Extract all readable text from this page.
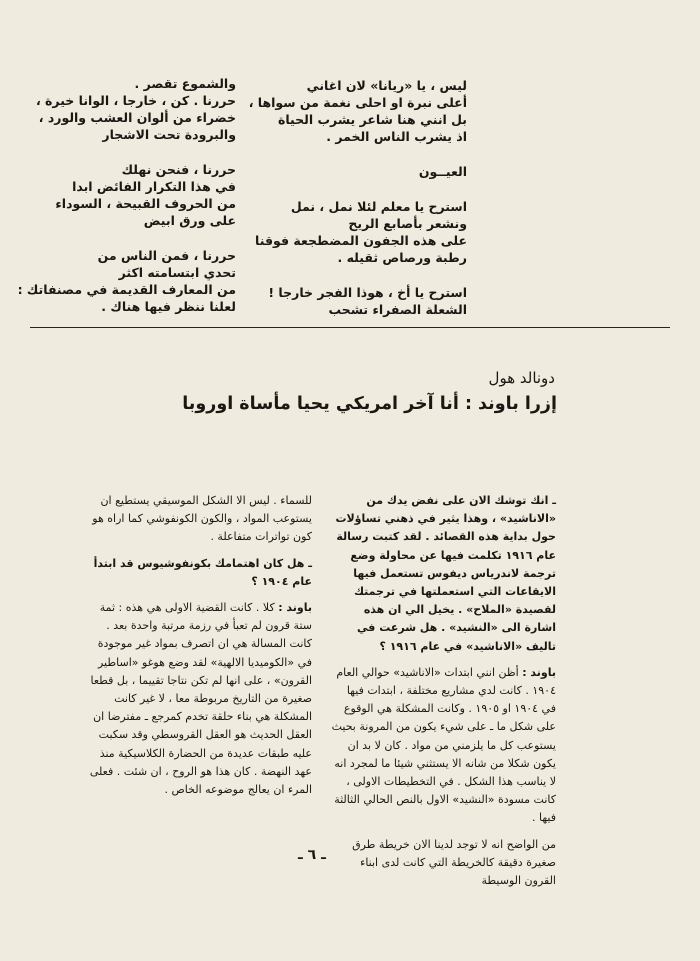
ليس ، يا «ريانا» لان اغاني
أعلى نبرة او احلى نغمة من سواها ،
بل انني هنا شاعر يشرب الحياة
اذ يشرب الناس الخمر .
العيــون
استرح يا معلم لئلا نمل ، نمل
ونشعر بأصابع الريح
على هذه الجفون المضطجعة فوقنا
رطبة ورصاص ثقيله .
استرح يا أخ ، هوذا الفجر خارجا !
الشعلة الصفراء تشحب
والشموع تقصر .
حررنا . كن ، خارجا ، الوانا خيرة ،
خضراء من ألوان العشب والورد ،
والبرودة تحت الاشجار
حررنا ، فنحن نهلك
في هذا التكرار الفائض ابدا
من الحروف القبيحة ، السوداء
على ورق ابيض
حررنا ، فمن الناس من
تحدي ابتسامته اكثر
من المعارف القديمة في مصنفاتك :
لعلنا ننظر فيها هناك .
دونالد هول
إزرا باوند : أنا آخر امريكي يحيا مأساة اوروبا

ـ انك توشك الان على نفض يدك من «الاناشيد» ، وهذا يثير في ذهني تساؤلات حول بداية هذه القصائد . لقد كتبت رسالة عام ١٩١٦ تكلمت فيها عن محاولة وضع ترجمة لاندرياس ديفوس تستعمل فيها الايقاعات التي استعملتها في ترجمتك لقصيدة «الملاح» . يخيل الي ان هذه اشارة الى «النشيد» . هل شرعت في تاليف «الاناشيد» في عام ١٩١٦ ؟

باوند : أظن انني ابتدات «الاناشيد» حوالي العام ١٩٠٤ . كانت لدي مشاريع مختلفة ، ابتدات فيها في ١٩٠٤ او ١٩٠٥ . وكانت المشكلة هي الوقوع على شكل ما ـ على شيء يكون من المرونة بحيث يستوعب كل ما يلزمني من مواد . كان لا بد ان يكون شكلا من شانه الا يستثني شيئا ما لمجرد انه لا يناسب هذا الشكل . في التخطيطات الاولى ، كانت مسودة «النشيد» الاول بالنص الحالي الثالثة فيها .

من الواضح انه لا توجد لدينا الان خريطة طرق صغيرة دقيقة كالخريطة التي كانت لدى ابناء القرون الوسيطة

للسماء . ليس الا الشكل الموسيقي يستطيع ان يستوعب المواد ، والكون الكونفوشي كما اراه هو كون تواترات متفاعلة .

ـ هل كان اهتمامك بكونفوشيوس قد ابتدأ عام ١٩٠٤ ؟

باوند : كلا . كانت القضية الاولى هي هذه : ثمة ستة قرون لم تعبأ في رزمة مرتبة واحدة بعد . كانت المسالة هي ان اتصرف بمواد غير موجودة في «الكوميديا الالهية» لقد وضع هوغو «اساطير القرون» ، على انها لم تكن نتاجا تقييما ، بل قطعا صغيرة من التاريخ مربوطة معا ، لا غير كانت المشكلة هي بناء حلقة تخدم كمرجع ـ مفترضا ان العقل الحديث هو العقل القروسطي وقد سكبت عليه طبقات عديدة من الحضارة الكلاسيكية منذ عهد النهضة . كان هذا هو الروح ، ان شئت . فعلى المرء ان يعالج موضوعه الخاص .

ـ ٦ ـ
